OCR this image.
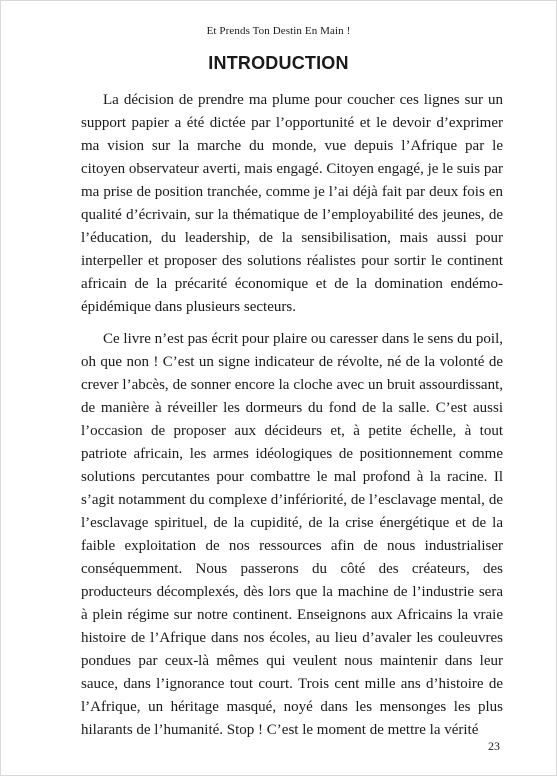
Et Prends Ton Destin En Main !
INTRODUCTION

La décision de prendre ma plume pour coucher ces lignes sur un support papier a été dictée par l’opportunité et le devoir d’exprimer ma vision sur la marche du monde, vue depuis l’Afrique par le citoyen observateur averti, mais engagé. Citoyen engagé, je le suis par ma prise de position tranchée, comme je l’ai déjà fait par deux fois en qualité d’écrivain, sur la thématique de l’employabilité des jeunes, de l’éducation, du leadership, de la sensibilisation, mais aussi pour interpeller et proposer des solutions réalistes pour sortir le continent africain de la précarité économique et de la domination endémo-épidémique dans plusieurs secteurs.

Ce livre n’est pas écrit pour plaire ou caresser dans le sens du poil, oh que non ! C’est un signe indicateur de révolte, né de la volonté de crever l’abcès, de sonner encore la cloche avec un bruit assourdissant, de manière à réveiller les dormeurs du fond de la salle. C’est aussi l’occasion de proposer aux décideurs et, à petite échelle, à tout patriote africain, les armes idéologiques de positionnement comme solutions percutantes pour combattre le mal profond à la racine. Il s’agit notamment du complexe d’infériorité, de l’esclavage mental, de l’esclavage spirituel, de la cupidité, de la crise énergétique et de la faible exploitation de nos ressources afin de nous industrialiser conséquemment. Nous passerons du côté des créateurs, des producteurs décomplexés, dès lors que la machine de l’industrie sera à plein régime sur notre continent. Enseignons aux Africains la vraie histoire de l’Afrique dans nos écoles, au lieu d’avaler les couleuvres pondues par ceux-là mêmes qui veulent nous maintenir dans leur sauce, dans l’ignorance tout court. Trois cent mille ans d’histoire de l’Afrique, un héritage masqué, noyé dans les mensonges les plus hilarants de l’humanité. Stop ! C’est le moment de mettre la vérité

23
